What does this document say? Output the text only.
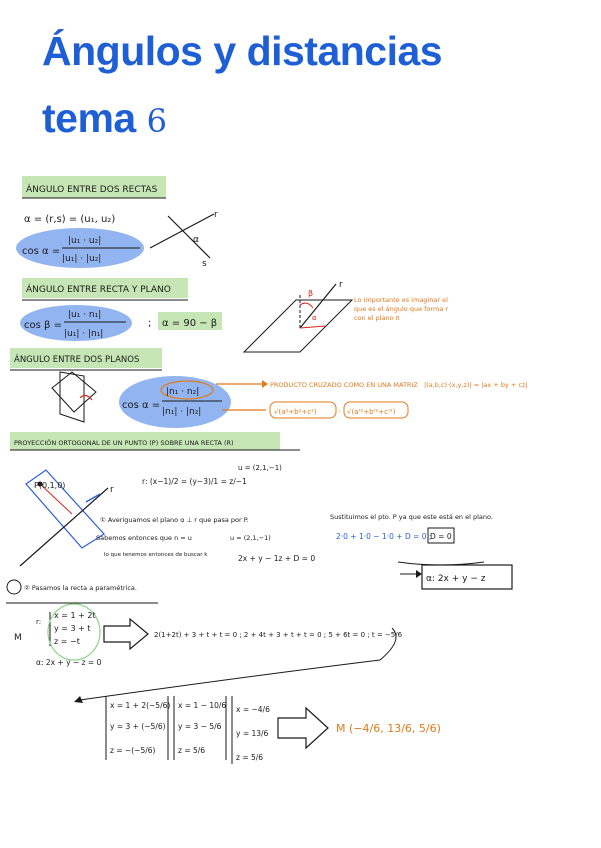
Ángulos y distancias
tema 6
ÁNGULO ENTRE DOS RECTAS
α = (r,s) = (u₁, u₂)
cos α =
|u₁ · u₂|
|u₁| · |u₂|
r
s
α
ÁNGULO ENTRE RECTA Y PLANO
cos β =
|u₁ · n₁|
|u₁| · |n₁|
; α = 90 − β
β
α
r
Lo importante es imaginar el que es el ángulo que forma r con el plano π
ÁNGULO ENTRE DOS PLANOS
cos α =
|n₁ · n₂|
|n₁| · |n₂|
PRODUCTO CRUZADO COMO EN UNA MATRIZ |(a,b,c)·(x,y,z)| = |ax + by + cz|
√(a²+b²+c²)	· √(a'²+b'²+c'²)
PROYECCIÓN ORTOGONAL DE UN PUNTO (P) SOBRE UNA RECTA (R)
P(0,1,0)	r
r: (x−1)/2 = (y−3)/1 = z/−1
u = (2,1,−1)
① Averiguamos el plano α ⊥ r que pasa por P.
Sabemos entonces que n = u	u = (2,1,−1)
lo que tenemos entonces de buscar k	2x + y − 1z + D = 0
Sustituimos el pto. P ya que este está en el plano.
2·0 + 1·0 − 1·0 + D = 0 ;
D = 0
α: 2x + y − z
② Pasamos la recta a paramétrica.
M
r:
x = 1 + 2t
y = 3 + t
z = −t
α: 2x + y − z = 0
2(1+2t) + 3 + t + t = 0 ; 2 + 4t + 3 + t + t = 0 ; 5 + 6t = 0 ; t = −5/6
x = 1 + 2(−5/6)
y = 3 + (−5/6)
z = −(−5/6)
x = 1 − 10/6
y = 3 − 5/6
z = 5/6
x = −4/6
y = 13/6
z = 5/6
M (−4/6, 13/6, 5/6)
